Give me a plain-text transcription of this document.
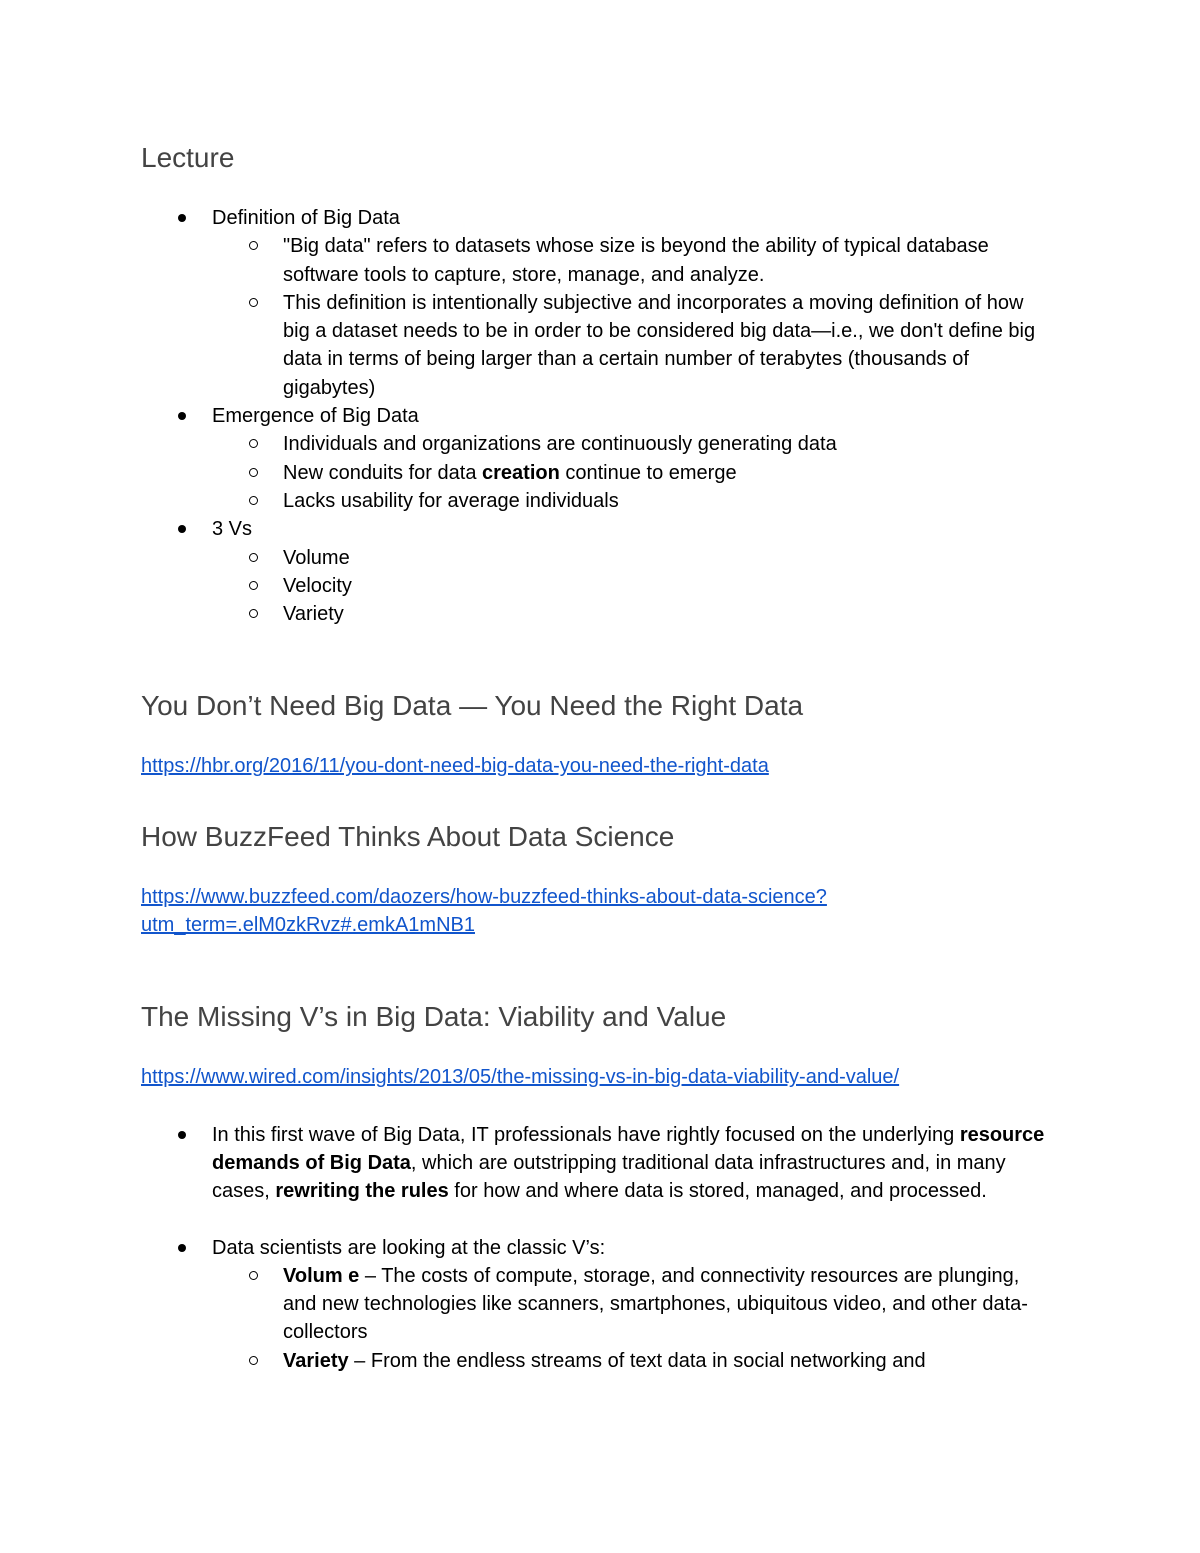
Lecture
Definition of Big Data
"Big data" refers to datasets whose size is beyond the ability of typical database software tools to capture, store, manage, and analyze.
This definition is intentionally subjective and incorporates a moving definition of how big a dataset needs to be in order to be considered big data—i.e., we don't define big data in terms of being larger than a certain number of terabytes (thousands of gigabytes)
Emergence of Big Data
Individuals and organizations are continuously generating data
New conduits for data creation continue to emerge
Lacks usability for average individuals
3 Vs
Volume
Velocity
Variety
You Don’t Need Big Data — You Need the Right Data
https://hbr.org/2016/11/you-dont-need-big-data-you-need-the-right-data
How BuzzFeed Thinks About Data Science
https://www.buzzfeed.com/daozers/how-buzzfeed-thinks-about-data-science?
utm_term=.elM0zkRvz#.emkA1mNB1
The Missing V’s in Big Data: Viability and Value
https://www.wired.com/insights/2013/05/the-missing-vs-in-big-data-viability-and-value/
In this first wave of Big Data, IT professionals have rightly focused on the underlying resource demands of Big Data, which are outstripping traditional data infrastructures and, in many cases, rewriting the rules for how and where data is stored, managed, and processed.
Data scientists are looking at the classic V’s:
Volum e – The costs of compute, storage, and connectivity resources are plunging, and new technologies like scanners, smartphones, ubiquitous video, and other data-collectors
Variety – From the endless streams of text data in social networking and
